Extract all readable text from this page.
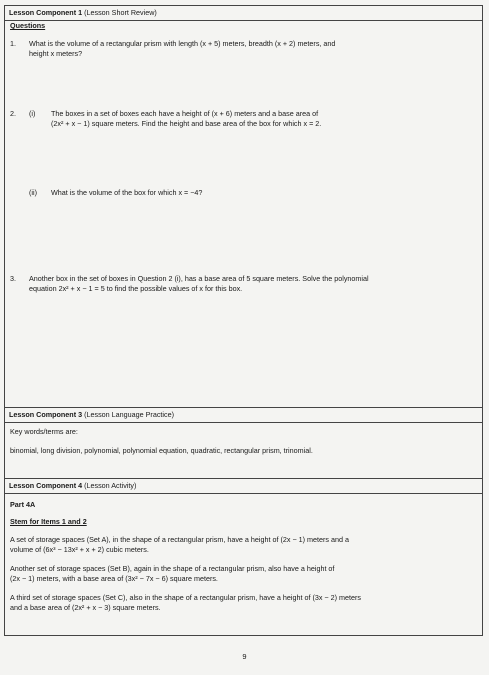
Lesson Component 1 (Lesson Short Review)
Questions
1. What is the volume of a rectangular prism with length (x + 5) meters, breadth (x + 2) meters, and
height x meters?
2. (i) The boxes in a set of boxes each have a height of (x + 6) meters and a base area of
(2x² + x − 1) square meters. Find the height and base area of the box for which x = 2.
(ii) What is the volume of the box for which x = −4?
3. Another box in the set of boxes in Question 2 (i), has a base area of 5 square meters. Solve the polynomial
equation 2x² + x − 1 = 5 to find the possible values of x for this box.
Lesson Component 3 (Lesson Language Practice)
Key words/terms are:
binomial, long division, polynomial, polynomial equation, quadratic, rectangular prism, trinomial.
Lesson Component 4 (Lesson Activity)
Part 4A
Stem for Items 1 and 2
A set of storage spaces (Set A), in the shape of a rectangular prism, have a height of (2x − 1) meters and a
volume of (6x³ − 13x² + x + 2) cubic meters.
Another set of storage spaces (Set B), again in the shape of a rectangular prism, also have a height of
(2x − 1) meters, with a base area of (3x² − 7x − 6) square meters.
A third set of storage spaces (Set C), also in the shape of a rectangular prism, have a height of (3x − 2) meters
and a base area of (2x² + x − 3) square meters.
9
